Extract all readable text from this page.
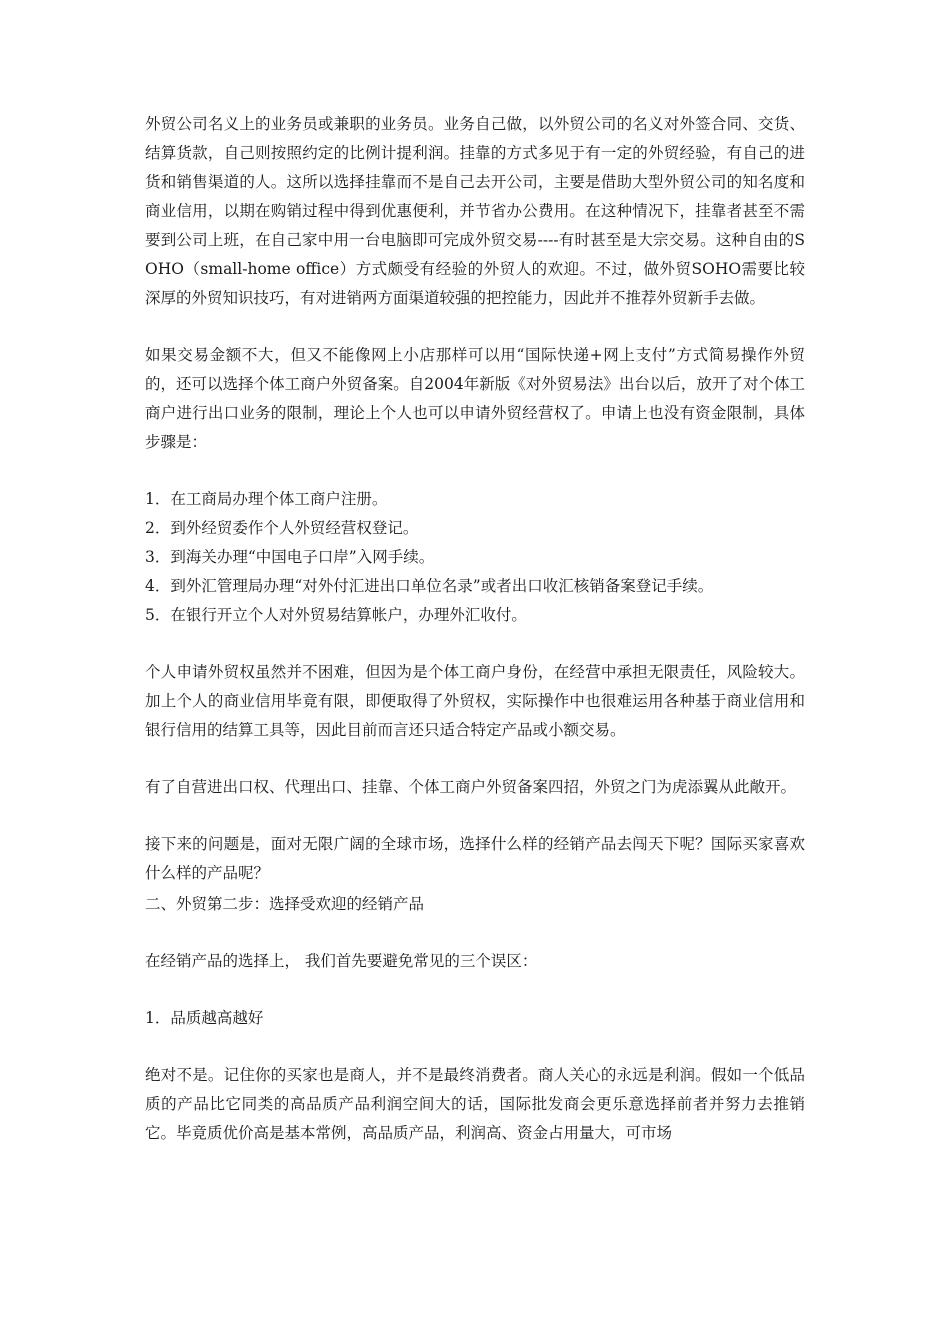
外贸公司名义上的业务员或兼职的业务员。业务自己做，以外贸公司的名义对外签合同、交货、结算货款，自己则按照约定的比例计提利润。挂靠的方式多见于有一定的外贸经验，有自己的进货和销售渠道的人。这所以选择挂靠而不是自己去开公司，主要是借助大型外贸公司的知名度和商业信用，以期在购销过程中得到优惠便利，并节省办公费用。在这种情况下，挂靠者甚至不需要到公司上班，在自己家中用一台电脑即可完成外贸交易----有时甚至是大宗交易。这种自由的SOHO（small-home office）方式颇受有经验的外贸人的欢迎。不过，做外贸SOHO需要比较深厚的外贸知识技巧，有对进销两方面渠道较强的把控能力，因此并不推荐外贸新手去做。

如果交易金额不大，但又不能像网上小店那样可以用“国际快递+网上支付”方式简易操作外贸的，还可以选择个体工商户外贸备案。自2004年新版《对外贸易法》出台以后，放开了对个体工商户进行出口业务的限制，理论上个人也可以申请外贸经营权了。申请上也没有资金限制，具体步骤是：

1．在工商局办理个体工商户注册。
2．到外经贸委作个人外贸经营权登记。
3．到海关办理“中国电子口岸”入网手续。
4．到外汇管理局办理“对外付汇进出口单位名录”或者出口收汇核销备案登记手续。
5．在银行开立个人对外贸易结算帐户，办理外汇收付。

个人申请外贸权虽然并不困难，但因为是个体工商户身份，在经营中承担无限责任，风险较大。加上个人的商业信用毕竟有限，即便取得了外贸权，实际操作中也很难运用各种基于商业信用和银行信用的结算工具等，因此目前而言还只适合特定产品或小额交易。

有了自营进出口权、代理出口、挂靠、个体工商户外贸备案四招，外贸之门为虎添翼从此敞开。

接下来的问题是，面对无限广阔的全球市场，选择什么样的经销产品去闯天下呢？国际买家喜欢什么样的产品呢？

二、外贸第二步：选择受欢迎的经销产品

在经销产品的选择上， 我们首先要避免常见的三个误区：

1．品质越高越好

绝对不是。记住你的买家也是商人，并不是最终消费者。商人关心的永远是利润。假如一个低品质的产品比它同类的高品质产品利润空间大的话，国际批发商会更乐意选择前者并努力去推销它。毕竟质优价高是基本常例，高品质产品，利润高、资金占用量大，可市场
